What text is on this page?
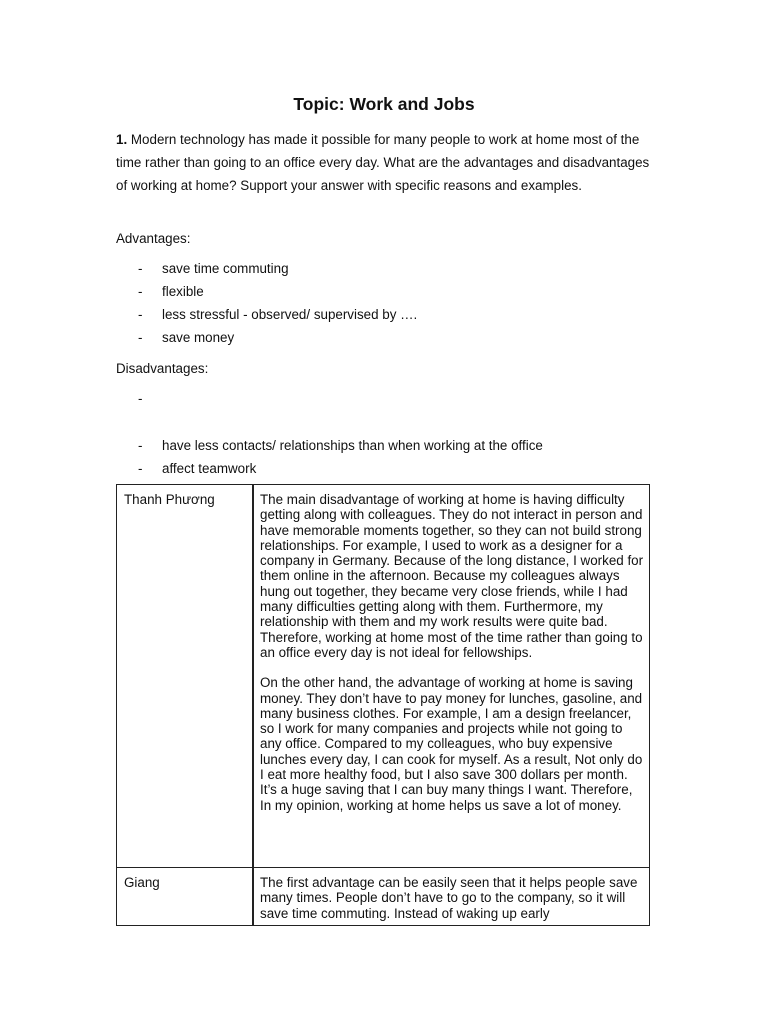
Topic: Work and Jobs
1. Modern technology has made it possible for many people to work at home most of the time rather than going to an office every day. What are the advantages and disadvantages of working at home? Support your answer with specific reasons and examples.
Advantages:
- save time commuting
- flexible
- less stressful - observed/ supervised by ….
- save money
Disadvantages:
-
- have less contacts/ relationships than when working at the office
- affect teamwork
Thanh Phương	The main disadvantage of working at home is having difficulty getting along with colleagues. They do not interact in person and have memorable moments together, so they can not build strong relationships. For example, I used to work as a designer for a company in Germany. Because of the long distance, I worked for them online in the afternoon. Because my colleagues always hung out together, they became very close friends, while I had many difficulties getting along with them. Furthermore, my relationship with them and my work results were quite bad. Therefore, working at home most of the time rather than going to an office every day is not ideal for fellowships.

On the other hand, the advantage of working at home is saving money. They don’t have to pay money for lunches, gasoline, and many business clothes. For example, I am a design freelancer, so I work for many companies and projects while not going to any office. Compared to my colleagues, who buy expensive lunches every day, I can cook for myself. As a result, Not only do I eat more healthy food, but I also save 300 dollars per month. It’s a huge saving that I can buy many things I want. Therefore, In my opinion, working at home helps us save a lot of money.

Giang	The first advantage can be easily seen that it helps people save many times. People don’t have to go to the company, so it will save time commuting. Instead of waking up early
